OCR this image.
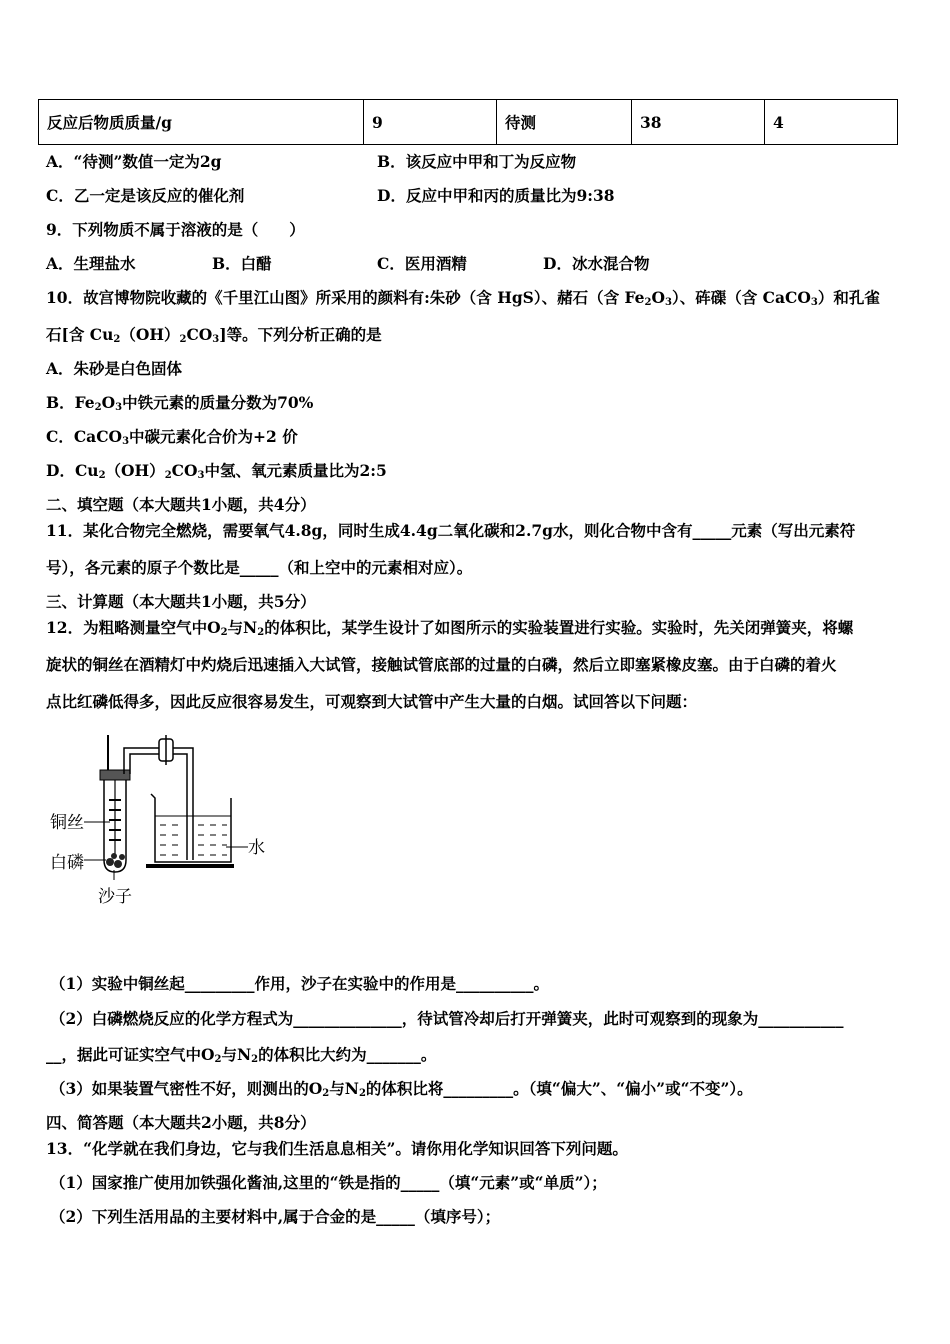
反应后物质质量/g	9	待测	38	4
A．“待测”数值一定为2g	B．该反应中甲和丁为反应物
C．乙一定是该反应的催化剂	D．反应中甲和丙的质量比为9:38
9．下列物质不属于溶液的是（　　）
A．生理盐水	B．白醋	C．医用酒精	D．冰水混合物
10．故宫博物院收藏的《千里江山图》所采用的颜料有:朱砂（含 HgS）、赭石（含 $Fe_2O_3$）、砗磲（含 CaCO$_3$）和孔雀
石[含 $Cu_2(OH)_2CO_3$]等。下列分析正确的是
A．朱砂是白色固体
B．$Fe_2O_3$中铁元素的质量分数为70%
C．CaCO$_3$中碳元素化合价为+2 价
D．$Cu_2(OH)_2CO_3$中氢、氧元素质量比为2:5
二、填空题（本大题共1小题，共4分）
11．某化合物完全燃烧，需要氧气4.8g，同时生成4.4g二氧化碳和2.7g水，则化合物中含有_____元素（写出元素符
号），各元素的原子个数比是_____（和上空中的元素相对应）。
三、计算题（本大题共1小题，共5分）
12．为粗略测量空气中$O_2$与$N_2$的体积比，某学生设计了如图所示的实验装置进行实验。实验时，先关闭弹簧夹，将螺
旋状的铜丝在酒精灯中灼烧后迅速插入大试管，接触试管底部的过量的白磷，然后立即塞紧橡皮塞。由于白磷的着火
点比红磷低得多，因此反应很容易发生，可观察到大试管中产生大量的白烟。试回答以下问题：
铜丝
白磷
沙子
水
（1）实验中铜丝起_________作用，沙子在实验中的作用是__________。
（2）白磷燃烧反应的化学方程式为______________，待试管冷却后打开弹簧夹，此时可观察到的现象为___________
__，据此可证实空气中$O_2$与$N_2$的体积比大约为_______。
（3）如果装置气密性不好，则测出的$O_2$与$N_2$的体积比将_________。（填“偏大”、“偏小”或“不变”）。
四、简答题（本大题共2小题，共8分）
13．“化学就在我们身边，它与我们生活息息相关”。请你用化学知识回答下列问题。
（1）国家推广使用加铁强化酱油,这里的“铁是指的_____（填“元素”或“单质”）；
（2）下列生活用品的主要材料中,属于合金的是_____（填序号）；
